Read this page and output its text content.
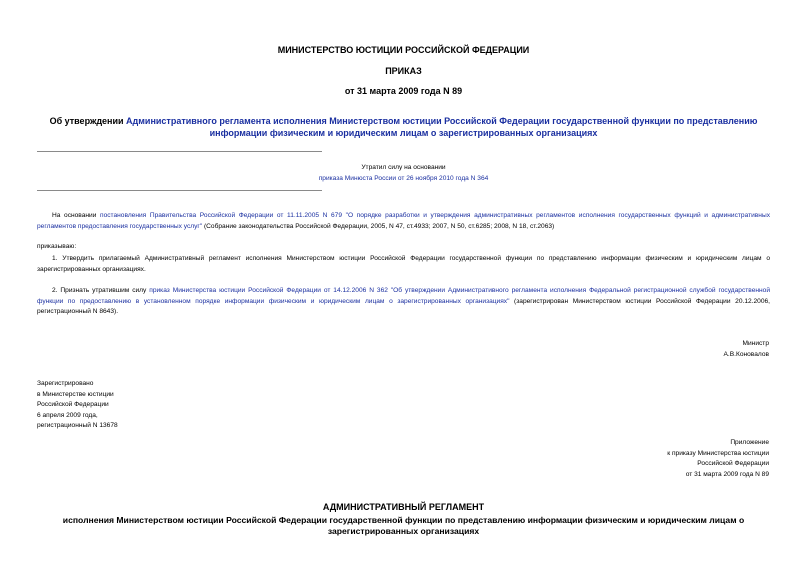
МИНИСТЕРСТВО ЮСТИЦИИ РОССИЙСКОЙ ФЕДЕРАЦИИ
ПРИКАЗ
от 31 марта 2009 года N 89
Об утверждении Административного регламента исполнения Министерством юстиции Российской Федерации государственной функции по представлению информации физическим и юридическим лицам о зарегистрированных организациях
Утратил силу на основании
приказа Минюста России от 26 ноября 2010 года N 364
На основании постановления Правительства Российской Федерации от 11.11.2005 N 679 "О порядке разработки и утверждения административных регламентов исполнения государственных функций и административных регламентов предоставления государственных услуг" (Собрание законодательства Российской Федерации, 2005, N 47, ст.4933; 2007, N 50, ст.6285; 2008, N 18, ст.2063)
приказываю:
1. Утвердить прилагаемый Административный регламент исполнения Министерством юстиции Российской Федерации государственной функции по представлению информации физическим и юридическим лицам о зарегистрированных организациях.
2. Признать утратившим силу приказ Министерства юстиции Российской Федерации от 14.12.2006 N 362 "Об утверждении Административного регламента исполнения Федеральной регистрационной службой государственной функции по предоставлению в установленном порядке информации физическим и юридическим лицам о зарегистрированных организациях" (зарегистрирован Министерством юстиции Российской Федерации 20.12.2006, регистрационный N 8643).
Министр
А.В.Коновалов
Зарегистрировано
в Министерстве юстиции
Российской Федерации
6 апреля 2009 года,
регистрационный N 13678
Приложение
к приказу Министерства юстиции
Российской Федерации
от 31 марта 2009 года N 89
АДМИНИСТРАТИВНЫЙ РЕГЛАМЕНТ
исполнения Министерством юстиции Российской Федерации государственной функции по представлению информации физическим и юридическим лицам о зарегистрированных организациях
